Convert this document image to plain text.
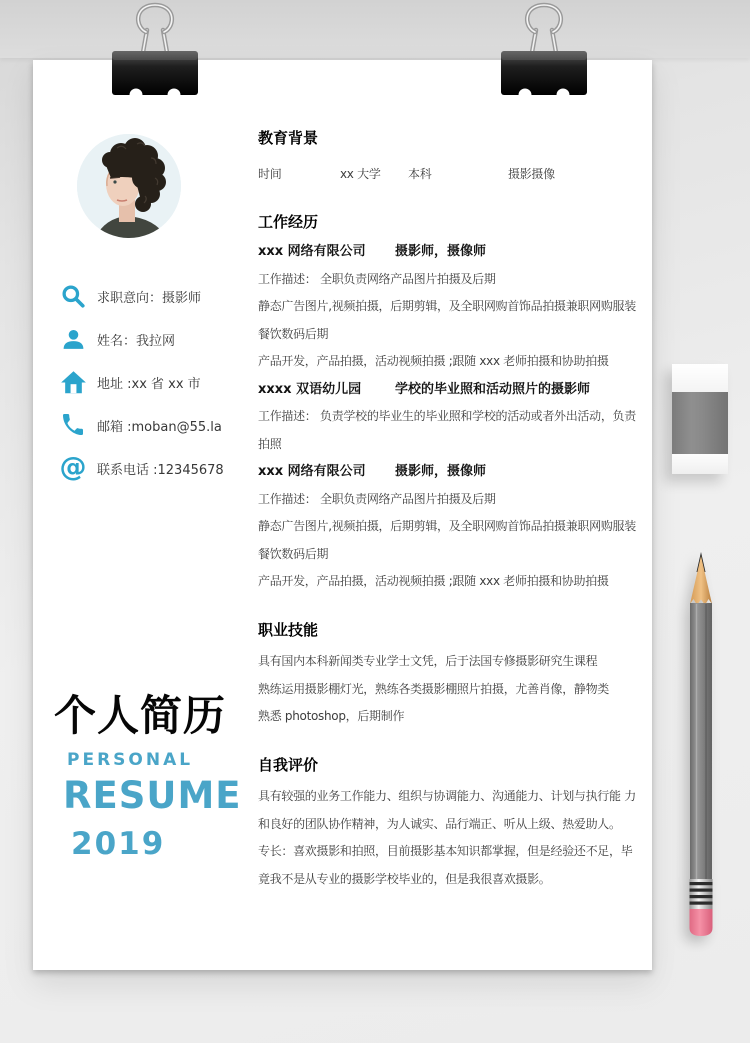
求职意向：摄影师
姓名：我拉网
地址 :xx 省 xx 市
邮箱 :moban@55.la
@ 联系电话 :12345678
个人简历
PERSONAL
RESUME
2019
教育背景
时间	xx 大学 本科	摄影摄像
工作经历
xxx 网络有限公司 摄影师，摄像师
工作描述： 全职负责网络产品图片拍摄及后期
静态广告图片,视频拍摄，后期剪辑，及全职网购首饰品拍摄兼职网购服装
餐饮数码后期
产品开发，产品拍摄，活动视频拍摄 ;跟随 xxx 老师拍摄和协助拍摄
xxxx 双语幼儿园	学校的毕业照和活动照片的摄影师
工作描述： 负责学校的毕业生的毕业照和学校的活动或者外出活动，负责
拍照
xxx 网络有限公司 摄影师，摄像师
工作描述： 全职负责网络产品图片拍摄及后期
静态广告图片,视频拍摄，后期剪辑，及全职网购首饰品拍摄兼职网购服装
餐饮数码后期
产品开发，产品拍摄，活动视频拍摄 ;跟随 xxx 老师拍摄和协助拍摄
职业技能
具有国内本科新闻类专业学士文凭，后于法国专修摄影研究生课程
熟练运用摄影棚灯光，熟练各类摄影棚照片拍摄，尤善肖像，静物类
熟悉 photoshop，后期制作
自我评价
具有较强的业务工作能力、组织与协调能力、沟通能力、计划与执行能 力
和良好的团队协作精神，为人诚实、品行端正、听从上级、热爱助人。
专长：喜欢摄影和拍照，目前摄影基本知识都掌握，但是经验还不足，毕
竟我不是从专业的摄影学校毕业的，但是我很喜欢摄影。
